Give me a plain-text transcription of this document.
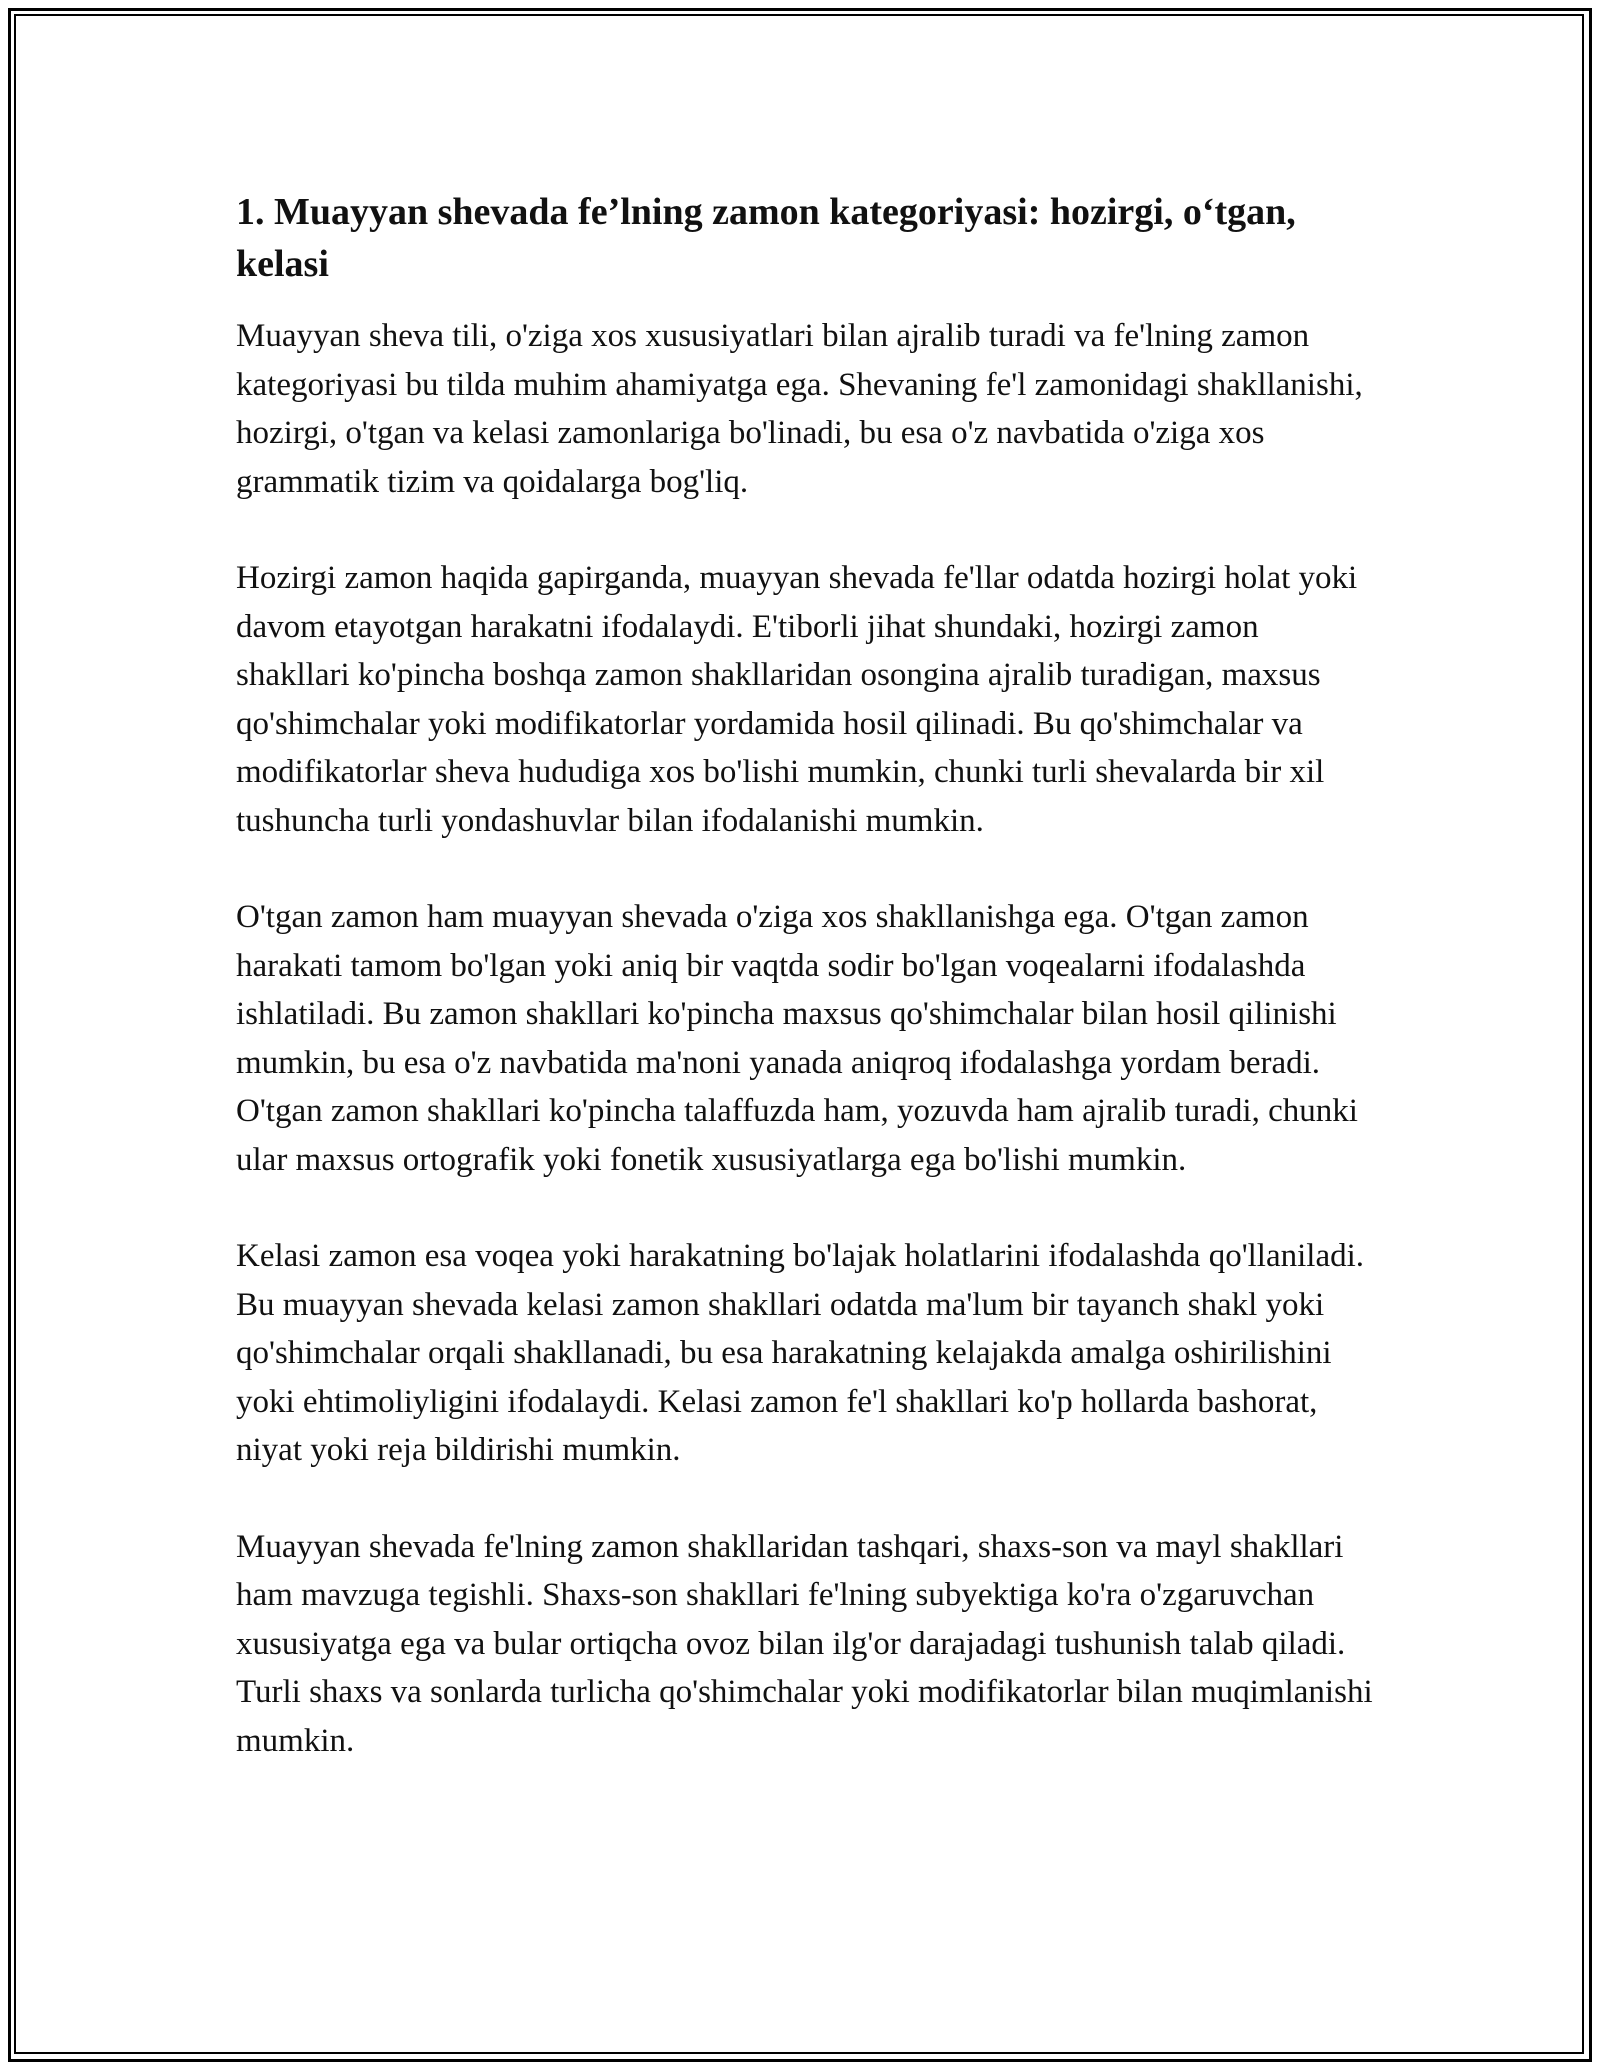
1. Muayyan shevada fe’lning zamon kategoriyasi: hozirgi, o‘tgan, kelasi

Muayyan sheva tili, o'ziga xos xususiyatlari bilan ajralib turadi va fe'lning zamon kategoriyasi bu tilda muhim ahamiyatga ega. Shevaning fe'l zamonidagi shakllanishi, hozirgi, o'tgan va kelasi zamonlariga bo'linadi, bu esa o'z navbatida o'ziga xos grammatik tizim va qoidalarga bog'liq.

Hozirgi zamon haqida gapirganda, muayyan shevada fe'llar odatda hozirgi holat yoki davom etayotgan harakatni ifodalaydi. E'tiborli jihat shundaki, hozirgi zamon shakllari ko'pincha boshqa zamon shakllaridan osongina ajralib turadigan, maxsus qo'shimchalar yoki modifikatorlar yordamida hosil qilinadi. Bu qo'shimchalar va modifikatorlar sheva hududiga xos bo'lishi mumkin, chunki turli shevalarda bir xil tushuncha turli yondashuvlar bilan ifodalanishi mumkin.

O'tgan zamon ham muayyan shevada o'ziga xos shakllanishga ega. O'tgan zamon harakati tamom bo'lgan yoki aniq bir vaqtda sodir bo'lgan voqealarni ifodalashda ishlatiladi. Bu zamon shakllari ko'pincha maxsus qo'shimchalar bilan hosil qilinishi mumkin, bu esa o'z navbatida ma'noni yanada aniqroq ifodalashga yordam beradi. O'tgan zamon shakllari ko'pincha talaffuzda ham, yozuvda ham ajralib turadi, chunki ular maxsus ortografik yoki fonetik xususiyatlarga ega bo'lishi mumkin.

Kelasi zamon esa voqea yoki harakatning bo'lajak holatlarini ifodalashda qo'llaniladi. Bu muayyan shevada kelasi zamon shakllari odatda ma'lum bir tayanch shakl yoki qo'shimchalar orqali shakllanadi, bu esa harakatning kelajakda amalga oshirilishini yoki ehtimoliyligini ifodalaydi. Kelasi zamon fe'l shakllari ko'p hollarda bashorat, niyat yoki reja bildirishi mumkin.

Muayyan shevada fe'lning zamon shakllaridan tashqari, shaxs-son va mayl shakllari ham mavzuga tegishli. Shaxs-son shakllari fe'lning subyektiga ko'ra o'zgaruvchan xususiyatga ega va bular ortiqcha ovoz bilan ilg'or darajadagi tushunish talab qiladi. Turli shaxs va sonlarda turlicha qo'shimchalar yoki modifikatorlar bilan muqimlanishi mumkin.
